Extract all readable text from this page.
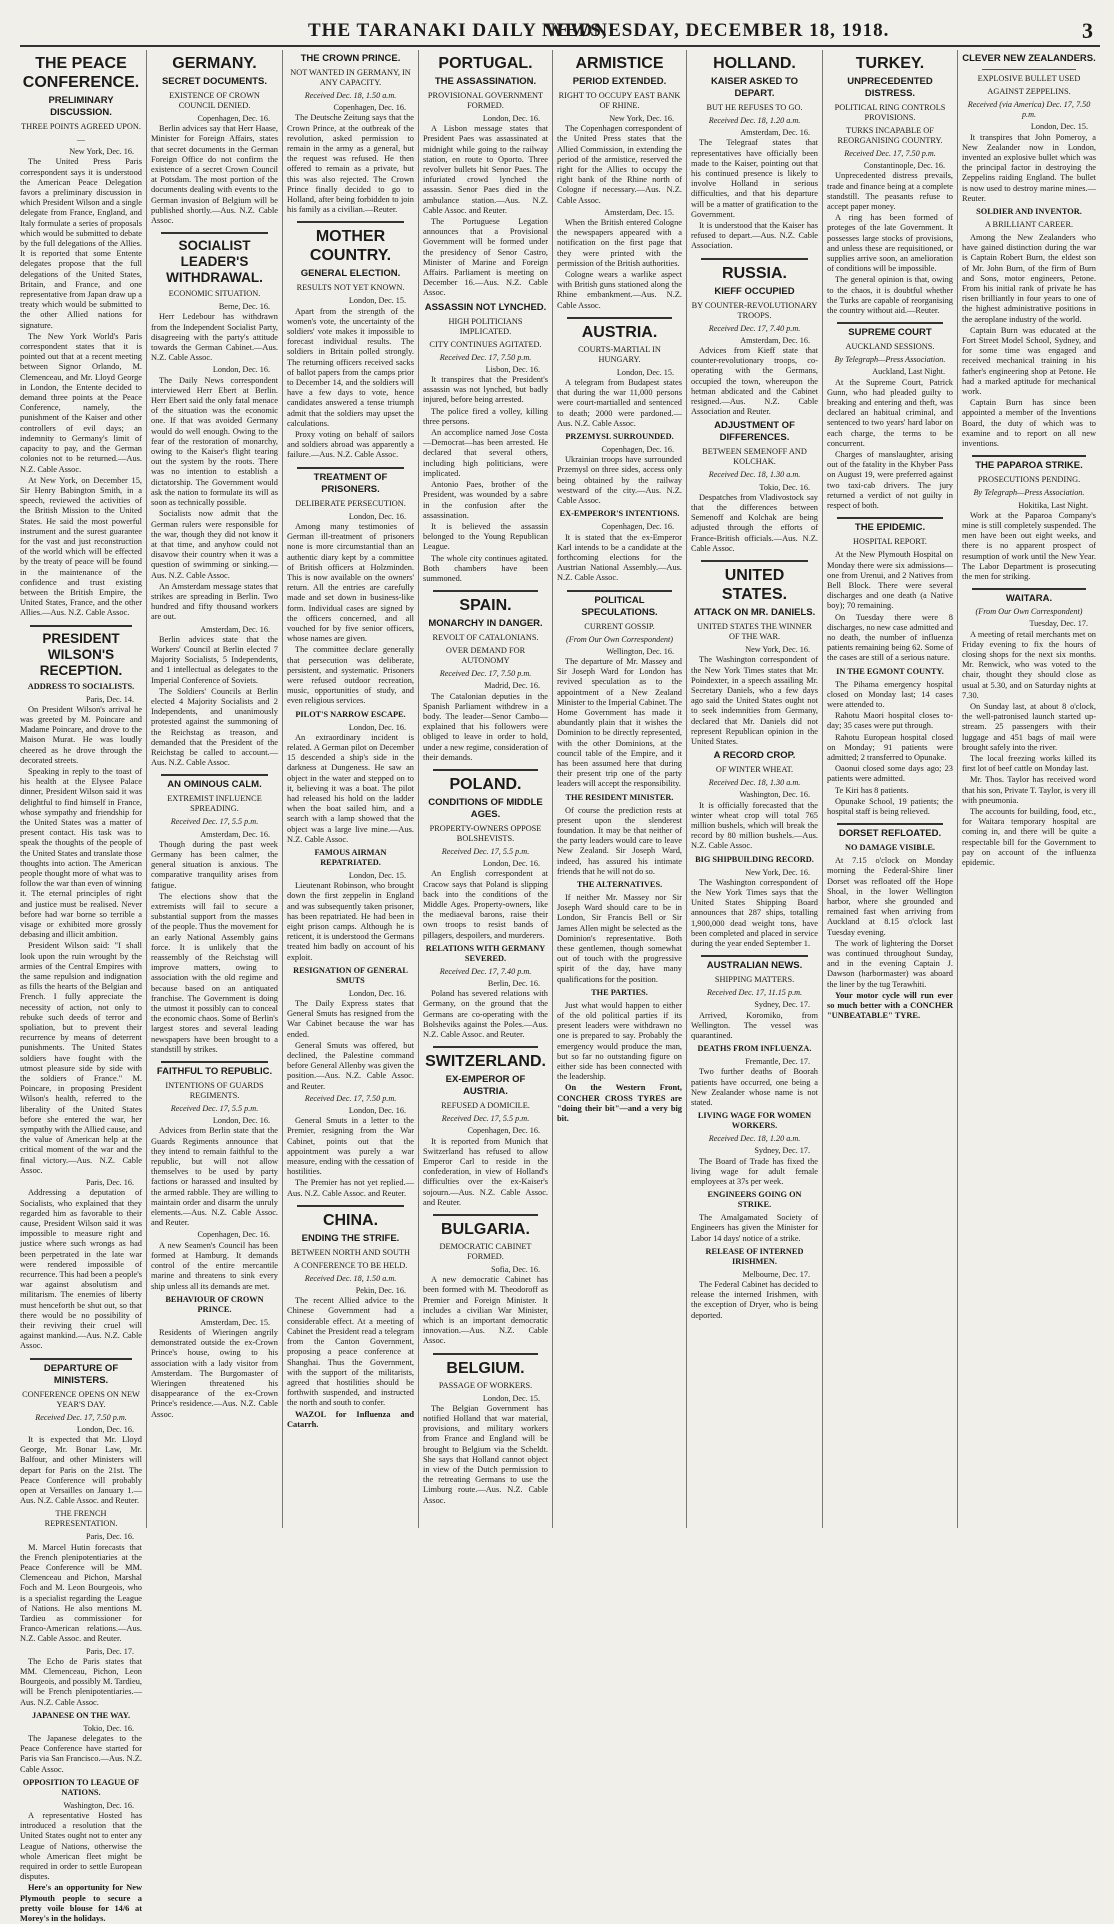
THE TARANAKI DAILY NEWS,
WEDNESDAY, DECEMBER 18, 1918.	3
THE PEACE CONFERENCE.
PRELIMINARY DISCUSSION.
THREE POINTS AGREED UPON.
—
New York, Dec. 16.

The United Press Paris correspondent says it is understood the American Peace Delegation favors a preliminary discussion in which President Wilson and a single delegate from France, England, and Italy formulate a series of proposals which would be submitted to debate by the full delegations of the Allies. It is reported that some Entente delegates propose that the full delegations of the United States, Britain, and France, and one representative from Japan draw up a treaty which would be submitted to the other Allied nations for signature.

The New York World's Paris correspondent states that it is pointed out that at a recent meeting between Signor Orlando, M. Clemenceau, and Mr. Lloyd George in London, the Entente decided to demand three points at the Peace Conference, namely, the punishment of the Kaiser and other controllers of evil days; an indemnity to Germany's limit of capacity to pay, and the German colonies not to be returned.—Aus. N.Z. Cable Assoc.

At New York, on December 15, Sir Henry Babington Smith, in a speech, reviewed the activities of the British Mission to the United States. He said the most powerful instrument and the surest guarantee for the vast and just reconstruction of the world which will be effected by the treaty of peace will be found in the maintenance of the confidence and trust existing between the British Empire, the United States, France, and the other Allies.—Aus. N.Z. Cable Assoc.

PRESIDENT WILSON'S RECEPTION.
ADDRESS TO SOCIALISTS.
Paris, Dec. 14.

On President Wilson's arrival he was greeted by M. Poincare and Madame Poincare, and drove to the Maison Murat. He was loudly cheered as he drove through the decorated streets.

Speaking in reply to the toast of his health at the Elysee Palace dinner, President Wilson said it was delightful to find himself in France, whose sympathy and friendship for the United States was a matter of present contact. His task was to speak the thoughts of the people of the United States and translate those thoughts into action. The American people thought more of what was to follow the war than even of winning it. The eternal principles of right and justice must be realised. Never before had war borne so terrible a visage or exhibited more grossly debasing and illicit ambition.

President Wilson said: "I shall look upon the ruin wrought by the armies of the Central Empires with the same repulsion and indignation as fills the hearts of the Belgian and French. I fully appreciate the necessity of action, not only to rebuke such deeds of terror and spoliation, but to prevent their recurrence by means of deterrent punishments. The United States soldiers have fought with the utmost pleasure side by side with the soldiers of France." M. Poincare, in proposing President Wilson's health, referred to the liberality of the United States before she entered the war, her sympathy with the Allied cause, and the value of American help at the critical moment of the war and the final victory.—Aus. N.Z. Cable Assoc.

Paris, Dec. 16.

Addressing a deputation of Socialists, who explained that they regarded him as favorable to their cause, President Wilson said it was impossible to measure right and justice where such wrongs as had been perpetrated in the late war were rendered impossible of recurrence. This had been a people's war against absolutism and militarism. The enemies of liberty must henceforth be shut out, so that there would be no possibility of their reviving their cruel will against mankind.—Aus. N.Z. Cable Assoc.

DEPARTURE OF MINISTERS.
CONFERENCE OPENS ON NEW YEAR'S DAY.
Received Dec. 17, 7.50 p.m.
London, Dec. 16.

It is expected that Mr. Lloyd George, Mr. Bonar Law, Mr. Balfour, and other Ministers will depart for Paris on the 21st. The Peace Conference will probably open at Versailles on January 1.—Aus. N.Z. Cable Assoc. and Reuter.

THE FRENCH REPRESENTATION.
Paris, Dec. 16.

M. Marcel Hutin forecasts that the French plenipotentiaries at the Peace Conference will be MM. Clemenceau and Pichon, Marshal Foch and M. Leon Bourgeois, who is a specialist regarding the League of Nations. He also mentions M. Tardieu as commissioner for Franco-American relations.—Aus. N.Z. Cable Assoc. and Reuter.

Paris, Dec. 17.

The Echo de Paris states that MM. Clemenceau, Pichon, Leon Bourgeois, and possibly M. Tardieu, will be French plenipotentiaries.—Aus. N.Z. Cable Assoc.

JAPANESE ON THE WAY.
Tokio, Dec. 16.

The Japanese delegates to the Peace Conference have started for Paris via San Francisco.—Aus. N.Z. Cable Assoc.

OPPOSITION TO LEAGUE OF NATIONS.
Washington, Dec. 16.

A representative Hosted has introduced a resolution that the United States ought not to enter any League of Nations, otherwise the whole American fleet might be required in order to settle European disputes.

Here's an opportunity for New Plymouth people to secure a pretty voile blouse for 14/6 at Morey's in the holidays.

GERMANY.
SECRET DOCUMENTS.
EXISTENCE OF CROWN COUNCIL DENIED.
Copenhagen, Dec. 16.

Berlin advices say that Herr Haase, Minister for Foreign Affairs, states that secret documents in the German Foreign Office do not confirm the existence of a secret Crown Council at Potsdam. The most portion of the documents dealing with events to the German invasion of Belgium will be published shortly.—Aus. N.Z. Cable Assoc.

SOCIALIST LEADER'S WITHDRAWAL.
ECONOMIC SITUATION.
Berne, Dec. 16.

Herr Ledebour has withdrawn from the Independent Socialist Party, disagreeing with the party's attitude towards the German Cabinet.—Aus. N.Z. Cable Assoc.

London, Dec. 16.

The Daily News correspondent interviewed Herr Ebert at Berlin. Herr Ebert said the only fatal menace of the situation was the economic one. If that was avoided Germany would do well enough. Owing to the fear of the restoration of monarchy, owing to the Kaiser's flight tearing out the system by the roots. There was no intention to establish a dictatorship. The Government would ask the nation to formulate its will as soon as technically possible.

Socialists now admit that the German rulers were responsible for the war, though they did not know it at that time, and anyhow could not disavow their country when it was a question of swimming or sinking.—Aus. N.Z. Cable Assoc.

An Amsterdam message states that strikes are spreading in Berlin. Two hundred and fifty thousand workers are out.

Amsterdam, Dec. 16.

Berlin advices state that the Workers' Council at Berlin elected 7 Majority Socialists, 5 Independents, and 1 intellectual as delegates to the Imperial Conference of Soviets.

The Soldiers' Councils at Berlin elected 4 Majority Socialists and 2 Independents, and unanimously protested against the summoning of the Reichstag as treason, and demanded that the President of the Reichstag be called to account.—Aus. N.Z. Cable Assoc.

AN OMINOUS CALM.
EXTREMIST INFLUENCE SPREADING.
Received Dec. 17, 5.5 p.m.
Amsterdam, Dec. 16.

Though during the past week Germany has been calmer, the general situation is anxious. The comparative tranquility arises from fatigue.

The elections show that the extremists will fail to secure a substantial support from the masses of the people. Thus the movement for an early National Assembly gains force. It is unlikely that the reassembly of the Reichstag will improve matters, owing to association with the old regime and because based on an antiquated franchise. The Government is doing the utmost it possibly can to conceal the economic chaos. Some of Berlin's largest stores and several leading newspapers have been brought to a standstill by strikes.

FAITHFUL TO REPUBLIC.
INTENTIONS OF GUARDS REGIMENTS.
Received Dec. 17, 5.5 p.m.
London, Dec. 16.

Advices from Berlin state that the Guards Regiments announce that they intend to remain faithful to the republic, but will not allow themselves to be used by party factions or harassed and insulted by the armed rabble. They are willing to maintain order and disarm the unruly elements.—Aus. N.Z. Cable Assoc. and Reuter.

Copenhagen, Dec. 16.

A new Seamen's Council has been formed at Hamburg. It demands control of the entire mercantile marine and threatens to sink every ship unless all its demands are met.

BEHAVIOUR OF CROWN PRINCE.
Amsterdam, Dec. 15.

Residents of Wieringen angrily demonstrated outside the ex-Crown Prince's house, owing to his association with a lady visitor from Amsterdam. The Burgomaster of Wieringen threatened his disappearance of the ex-Crown Prince's residence.—Aus. N.Z. Cable Assoc.

THE CROWN PRINCE.
NOT WANTED IN GERMANY, IN ANY CAPACITY.
Received Dec. 18, 1.50 a.m.
Copenhagen, Dec. 16.

The Deutsche Zeitung says that the Crown Prince, at the outbreak of the revolution, asked permission to remain in the army as a general, but the request was refused. He then offered to remain as a private, but this was also rejected. The Crown Prince finally decided to go to Holland, after being forbidden to join his family as a civilian.—Reuter.

MOTHER COUNTRY.
GENERAL ELECTION.
RESULTS NOT YET KNOWN.
London, Dec. 15.

Apart from the strength of the women's vote, the uncertainty of the soldiers' vote makes it impossible to forecast individual results. The soldiers in Britain polled strongly. The returning officers received sacks of ballot papers from the camps prior to December 14, and the soldiers will have a few days to vote, hence candidates answered a tense triumph admit that the soldiers may upset the calculations.

Proxy voting on behalf of sailors and soldiers abroad was apparently a failure.—Aus. N.Z. Cable Assoc.

TREATMENT OF PRISONERS.
DELIBERATE PERSECUTION.
London, Dec. 16.

Among many testimonies of German ill-treatment of prisoners none is more circumstantial than an authentic diary kept by a committee of British officers at Holzminden. This is now available on the owners' return. All the entries are carefully made and set down in business-like form. Individual cases are signed by the officers concerned, and all vouched for by five senior officers, whose names are given.

The committee declare generally that persecution was deliberate, persistent, and systematic. Prisoners were refused outdoor recreation, music, opportunities of study, and even religious services.

PILOT'S NARROW ESCAPE.
London, Dec. 16.

An extraordinary incident is related. A German pilot on December 15 descended a ship's side in the darkness at Dungeness. He saw an object in the water and stepped on to it, believing it was a boat. The pilot had released his hold on the ladder when the boat sailed him, and a search with a lamp showed that the object was a large live mine.—Aus. N.Z. Cable Assoc.

FAMOUS AIRMAN REPATRIATED.
London, Dec. 15.

Lieutenant Robinson, who brought down the first zeppelin in England and was subsequently taken prisoner, has been repatriated. He had been in eight prison camps. Although he is reticent, it is understood the Germans treated him badly on account of his exploit.

RESIGNATION OF GENERAL SMUTS
London, Dec. 16.

The Daily Express states that General Smuts has resigned from the War Cabinet because the war has ended.

General Smuts was offered, but declined, the Palestine command before General Allenby was given the position.—Aus. N.Z. Cable Assoc. and Reuter.

Received Dec. 17, 7.50 p.m.
London, Dec. 16.

General Smuts in a letter to the Premier, resigning from the War Cabinet, points out that the appointment was purely a war measure, ending with the cessation of hostilities.

The Premier has not yet replied.—Aus. N.Z. Cable Assoc. and Reuter.

CHINA.
ENDING THE STRIFE.
BETWEEN NORTH AND SOUTH
A CONFERENCE TO BE HELD.
Received Dec. 18, 1.50 a.m.
Pekin, Dec. 16.

The recent Allied advice to the Chinese Government had a considerable effect. At a meeting of Cabinet the President read a telegram from the Canton Government, proposing a peace conference at Shanghai. Thus the Government, with the support of the militarists, agreed that hostilities should be forthwith suspended, and instructed the north and south to confer.

WAZOL for Influenza and Catarrh.

PORTUGAL.
THE ASSASSINATION.
PROVISIONAL GOVERNMENT FORMED.
London, Dec. 16.

A Lisbon message states that President Paes was assassinated at midnight while going to the railway station, en route to Oporto. Three revolver bullets hit Senor Paes. The infuriated crowd lynched the assassin. Senor Paes died in the ambulance station.—Aus. N.Z. Cable Assoc. and Reuter.

The Portuguese Legation announces that a Provisional Government will be formed under the presidency of Senor Castro, Minister of Marine and Foreign Affairs. Parliament is meeting on December 16.—Aus. N.Z. Cable Assoc.

ASSASSIN NOT LYNCHED.
HIGH POLITICIANS IMPLICATED.
CITY CONTINUES AGITATED.
Received Dec. 17, 7.50 p.m.
Lisbon, Dec. 16.

It transpires that the President's assassin was not lynched, but badly injured, before being arrested.

The police fired a volley, killing three persons.

An accomplice named Jose Costa—Democrat—has been arrested. He declared that several others, including high politicians, were implicated.

Antonio Paes, brother of the President, was wounded by a sabre in the confusion after the assassination.

It is believed the assassin belonged to the Young Republican League.

The whole city continues agitated. Both chambers have been summoned.

SPAIN.
MONARCHY IN DANGER.
REVOLT OF CATALONIANS.
OVER DEMAND FOR AUTONOMY
Received Dec. 17, 7.50 p.m.
Madrid, Dec. 16.

The Catalonian deputies in the Spanish Parliament withdrew in a body. The leader—Senor Cambo—explained that his followers were obliged to leave in order to hold, under a new regime, consideration of their demands.

POLAND.
CONDITIONS OF MIDDLE AGES.
PROPERTY-OWNERS OPPOSE BOLSHEVISTS.
Received Dec. 17, 5.5 p.m.
London, Dec. 16.

An English correspondent at Cracow says that Poland is slipping back into the conditions of the Middle Ages. Property-owners, like the mediaeval barons, raise their own troops to resist bands of pillagers, despoilers, and murderers.

RELATIONS WITH GERMANY SEVERED.
Received Dec. 17, 7.40 p.m.
Berlin, Dec. 16.

Poland has severed relations with Germany, on the ground that the Germans are co-operating with the Bolsheviks against the Poles.—Aus. N.Z. Cable Assoc. and Reuter.

SWITZERLAND.
EX-EMPEROR OF AUSTRIA.
REFUSED A DOMICILE.
Received Dec. 17, 5.5 p.m.
Copenhagen, Dec. 16.

It is reported from Munich that Switzerland has refused to allow Emperor Carl to reside in the confederation, in view of Holland's difficulties over the ex-Kaiser's sojourn.—Aus. N.Z. Cable Assoc. and Reuter.

BULGARIA.
DEMOCRATIC CABINET FORMED.
Sofia, Dec. 16.

A new democratic Cabinet has been formed with M. Theodoroff as Premier and Foreign Minister. It includes a civilian War Minister, which is an important democratic innovation.—Aus. N.Z. Cable Assoc.

BELGIUM.
PASSAGE OF WORKERS.
London, Dec. 15.

The Belgian Government has notified Holland that war material, provisions, and military workers from France and England will be brought to Belgium via the Scheldt. She says that Holland cannot object in view of the Dutch permission to the retreating Germans to use the Limburg route.—Aus. N.Z. Cable Assoc.

ARMISTICE
PERIOD EXTENDED.
RIGHT TO OCCUPY EAST BANK OF RHINE.
New York, Dec. 16.

The Copenhagen correspondent of the United Press states that the Allied Commission, in extending the period of the armistice, reserved the right for the Allies to occupy the right bank of the Rhine north of Cologne if necessary.—Aus. N.Z. Cable Assoc.

Amsterdam, Dec. 15.

When the British entered Cologne the newspapers appeared with a notification on the first page that they were printed with the permission of the British authorities.

Cologne wears a warlike aspect with British guns stationed along the Rhine embankment.—Aus. N.Z. Cable Assoc.

AUSTRIA.
COURTS-MARTIAL IN HUNGARY.
London, Dec. 15.

A telegram from Budapest states that during the war 11,000 persons were court-martialled and sentenced to death; 2000 were pardoned.—Aus. N.Z. Cable Assoc.

PRZEMYSL SURROUNDED.
Copenhagen, Dec. 16.

Ukrainian troops have surrounded Przemysl on three sides, access only being obtained by the railway westward of the city.—Aus. N.Z. Cable Assoc.

EX-EMPEROR'S INTENTIONS.
Copenhagen, Dec. 16.

It is stated that the ex-Emperor Karl intends to be a candidate at the forthcoming elections for the Austrian National Assembly.—Aus. N.Z. Cable Assoc.

POLITICAL SPECULATIONS.
CURRENT GOSSIP.
(From Our Own Correspondent)
Wellington, Dec. 16.

The departure of Mr. Massey and Sir Joseph Ward for London has revived speculation as to the appointment of a New Zealand Minister to the Imperial Cabinet. The Home Government has made it abundantly plain that it wishes the Dominion to be directly represented, with the other Dominions, at the council table of the Empire, and it has been assumed here that during their present trip one of the party leaders will accept the responsibility.

THE RESIDENT MINISTER.

Of course the prediction rests at present upon the slenderest foundation. It may be that neither of the party leaders would care to leave New Zealand. Sir Joseph Ward, indeed, has assured his intimate friends that he will not do so.

THE ALTERNATIVES.

If neither Mr. Massey nor Sir Joseph Ward should care to be in London, Sir Francis Bell or Sir James Allen might be selected as the Dominion's representative. Both these gentlemen, though somewhat out of touch with the progressive spirit of the day, have many qualifications for the position.

THE PARTIES.

Just what would happen to either of the old political parties if its present leaders were withdrawn no one is prepared to say. Probably the emergency would produce the man, but so far no outstanding figure on either side has been connected with the leadership.

On the Western Front, CONCHER CROSS TYRES are "doing their bit"—and a very big bit.

HOLLAND.
KAISER ASKED TO DEPART.
BUT HE REFUSES TO GO.
Received Dec. 18, 1.20 a.m.
Amsterdam, Dec. 16.

The Telegraaf states that representatives have officially been made to the Kaiser, pointing out that his continued presence is likely to involve Holland in serious difficulties, and that his departure will be a matter of gratification to the Government.

It is understood that the Kaiser has refused to depart.—Aus. N.Z. Cable Association.

RUSSIA.
KIEFF OCCUPIED
BY COUNTER-REVOLUTIONARY TROOPS.
Received Dec. 17, 7.40 p.m.
Amsterdam, Dec. 16.

Advices from Kieff state that counter-revolutionary troops, co-operating with the Germans, occupied the town, whereupon the hetman abdicated and the Cabinet resigned.—Aus. N.Z. Cable Association and Reuter.

ADJUSTMENT OF DIFFERENCES.
BETWEEN SEMENOFF AND KOLCHAK.
Received Dec. 18, 1.30 a.m.
Tokio, Dec. 16.

Despatches from Vladivostock say that the differences between Semenoff and Kolchak are being adjusted through the efforts of France-British officials.—Aus. N.Z. Cable Assoc.

UNITED STATES.
ATTACK ON MR. DANIELS.
UNITED STATES THE WINNER OF THE WAR.
New York, Dec. 16.

The Washington correspondent of the New York Times states that Mr. Poindexter, in a speech assailing Mr. Secretary Daniels, who a few days ago said the United States ought not to seek indemnities from Germany, declared that Mr. Daniels did not represent Republican opinion in the United States.

A RECORD CROP.
OF WINTER WHEAT.
Received Dec. 18, 1.30 a.m.
Washington, Dec. 16.

It is officially forecasted that the winter wheat crop will total 765 million bushels, which will break the record by 80 million bushels.—Aus. N.Z. Cable Assoc.

BIG SHIPBUILDING RECORD.
New York, Dec. 16.

The Washington correspondent of the New York Times says that the United States Shipping Board announces that 287 ships, totalling 1,900,000 dead weight tons, have been completed and placed in service during the year ended September 1.

AUSTRALIAN NEWS.
SHIPPING MATTERS.
Received Dec. 17, 11.15 p.m.
Sydney, Dec. 17.

Arrived, Koromiko, from Wellington. The vessel was quarantined.

DEATHS FROM INFLUENZA.
Fremantle, Dec. 17.

Two further deaths of Boorah patients have occurred, one being a New Zealander whose name is not stated.

LIVING WAGE FOR WOMEN WORKERS.
Received Dec. 18, 1.20 a.m.
Sydney, Dec. 17.

The Board of Trade has fixed the living wage for adult female employees at 37s per week.

ENGINEERS GOING ON STRIKE.

The Amalgamated Society of Engineers has given the Minister for Labor 14 days' notice of a strike.

RELEASE OF INTERNED IRISHMEN.
Melbourne, Dec. 17.

The Federal Cabinet has decided to release the interned Irishmen, with the exception of Dryer, who is being deported.

TURKEY.
UNPRECEDENTED DISTRESS.
POLITICAL RING CONTROLS PROVISIONS.
TURKS INCAPABLE OF REORGANISING COUNTRY.
Received Dec. 17, 7.50 p.m.
Constantinople, Dec. 16.

Unprecedented distress prevails, trade and finance being at a complete standstill. The peasants refuse to accept paper money.

A ring has been formed of proteges of the late Government. It possesses large stocks of provisions, and unless these are requisitioned, or supplies arrive soon, an amelioration of conditions will be impossible.

The general opinion is that, owing to the chaos, it is doubtful whether the Turks are capable of reorganising the country without aid.—Reuter.

SUPREME COURT
AUCKLAND SESSIONS.
By Telegraph—Press Association.
Auckland, Last Night.

At the Supreme Court, Patrick Gunn, who had pleaded guilty to breaking and entering and theft, was declared an habitual criminal, and sentenced to two years' hard labor on each charge, the terms to be concurrent.

Charges of manslaughter, arising out of the fatality in the Khyber Pass on August 19, were preferred against two taxi-cab drivers. The jury returned a verdict of not guilty in respect of both.

THE EPIDEMIC.
HOSPITAL REPORT.

At the New Plymouth Hospital on Monday there were six admissions—one from Urenui, and 2 Natives from Bell Block. There were several discharges and one death (a Native boy); 70 remaining.

On Tuesday there were 8 discharges, no new case admitted and no death, the number of influenza patients remaining being 62. Some of the cases are still of a serious nature.

IN THE EGMONT COUNTY.

The Pihama emergency hospital closed on Monday last; 14 cases were attended to.

Rahotu Maori hospital closes to-day; 35 cases were put through.

Rahotu European hospital closed on Monday; 91 patients were admitted; 2 transferred to Opunake.

Oaonui closed some days ago; 23 patients were admitted.

Te Kiri has 8 patients.

Opunake School, 19 patients; the hospital staff is being relieved.

DORSET REFLOATED.
NO DAMAGE VISIBLE.

At 7.15 o'clock on Monday morning the Federal-Shire liner Dorset was refloated off the Hope Shoal, in the lower Wellington harbor, where she grounded and remained fast when arriving from Auckland at 8.15 o'clock last Tuesday evening.

The work of lightering the Dorset was continued throughout Sunday, and in the evening Captain J. Dawson (harbormaster) was aboard the liner by the tug Terawhiti.

Your motor cycle will run ever so much better with a CONCHER "UNBEATABLE" TYRE.

CLEVER NEW ZEALANDERS.
EXPLOSIVE BULLET USED
AGAINST ZEPPELINS.
Received (via America) Dec. 17, 7.50 p.m.
London, Dec. 15.

It transpires that John Pomeroy, a New Zealander now in London, invented an explosive bullet which was the principal factor in destroying the Zeppelins raiding England. The bullet is now used to destroy marine mines.—Reuter.

SOLDIER AND INVENTOR.
A BRILLIANT CAREER.

Among the New Zealanders who have gained distinction during the war is Captain Robert Burn, the eldest son of Mr. John Burn, of the firm of Burn and Sons, motor engineers, Petone. From his initial rank of private he has risen brilliantly in four years to one of the highest administrative positions in the aeroplane industry of the world.

Captain Burn was educated at the Fort Street Model School, Sydney, and for some time was engaged and received mechanical training in his father's engineering shop at Petone. He had a marked aptitude for mechanical work.

Captain Burn has since been appointed a member of the Inventions Board, the duty of which was to examine and to report on all new inventions.

THE PAPAROA STRIKE.
PROSECUTIONS PENDING.
By Telegraph—Press Association.
Hokitika, Last Night.

Work at the Paparoa Company's mine is still completely suspended. The men have been out eight weeks, and there is no apparent prospect of resumption of work until the New Year. The Labor Department is prosecuting the men for striking.

WAITARA.
(From Our Own Correspondent)
Tuesday, Dec. 17.

A meeting of retail merchants met on Friday evening to fix the hours of closing shops for the next six months. Mr. Renwick, who was voted to the chair, thought they should close as usual at 5.30, and on Saturday nights at 7.30.

On Sunday last, at about 8 o'clock, the well-patronised launch started up-stream. 25 passengers with their luggage and 451 bags of mail were brought safely into the river.

The local freezing works killed its first lot of beef cattle on Monday last.

Mr. Thos. Taylor has received word that his son, Private T. Taylor, is very ill with pneumonia.

The accounts for building, food, etc., for Waitara temporary hospital are coming in, and there will be quite a respectable bill for the Government to pay on account of the influenza epidemic.
